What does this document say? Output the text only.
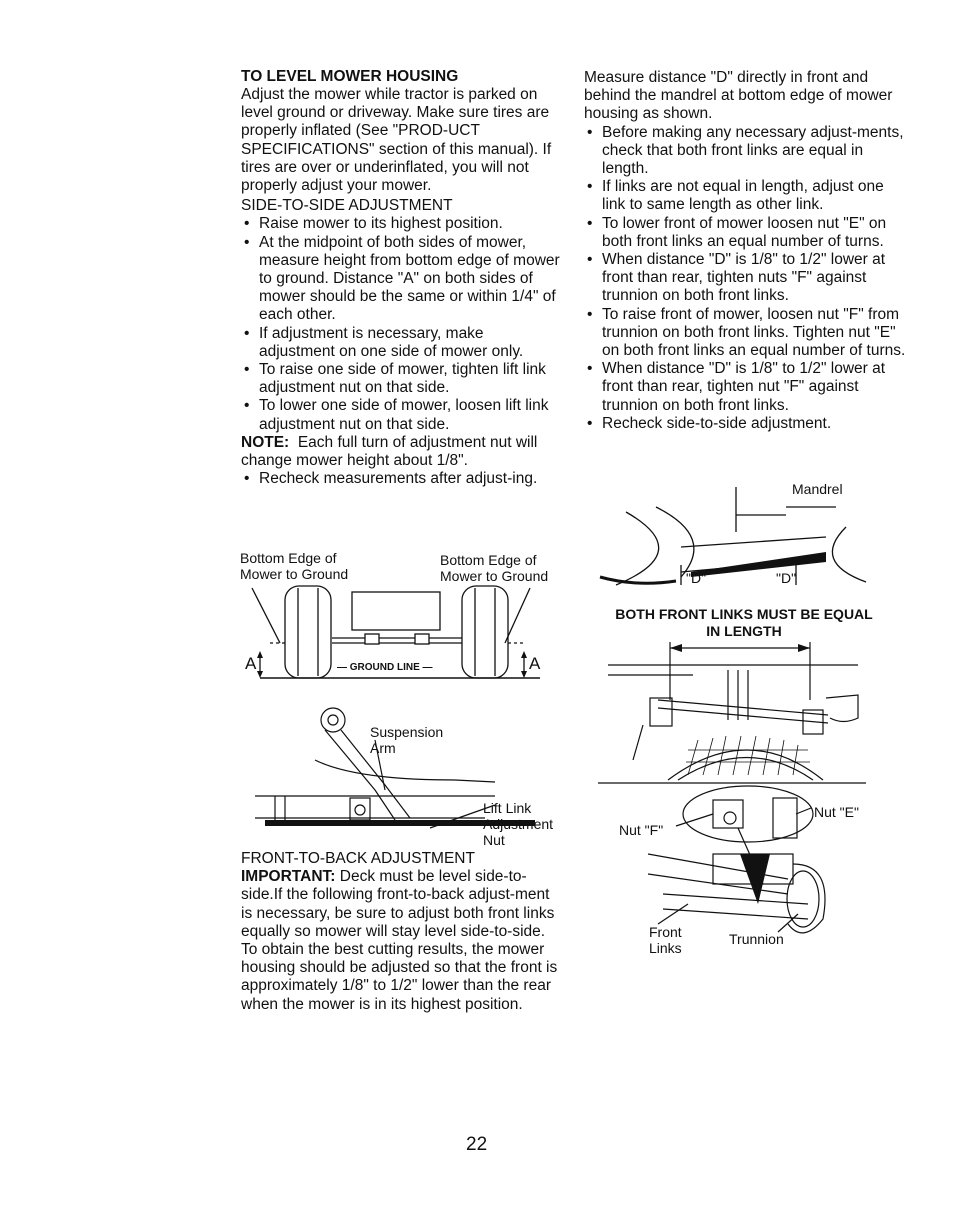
TO LEVEL MOWER HOUSING

Adjust the mower while tractor is parked on level ground or driveway. Make sure tires are properly inflated (See "PROD-UCT SPECIFICATIONS" section of this manual). If tires are over or underinflated, you will not properly adjust your mower.

SIDE-TO-SIDE ADJUSTMENT

• Raise mower to its highest position.
• At the midpoint of both sides of mower, measure height from bottom edge of mower to ground. Distance "A" on both sides of mower should be the same or within 1/4" of each other.
• If adjustment is necessary, make adjustment on one side of mower only.
• To raise one side of mower, tighten lift link adjustment nut on that side.
• To lower one side of mower, loosen lift link adjustment nut on that side.

NOTE: Each full turn of adjustment nut will change mower height about 1/8".

• Recheck measurements after adjust-ing.

FRONT-TO-BACK ADJUSTMENT

IMPORTANT: Deck must be level side-to-side.If the following front-to-back adjust-ment is necessary, be sure to adjust both front links equally so mower will stay level side-to-side.

To obtain the best cutting results, the mower housing should be adjusted so that the front is approximately 1/8" to 1/2" lower than the rear when the mower is in its highest position.

Measure distance "D" directly in front and behind the mandrel at bottom edge of mower housing as shown.

• Before making any necessary adjust-ments, check that both front links are equal in length.
• If links are not equal in length, adjust one link to same length as other link.
• To lower front of mower loosen nut "E" on both front links an equal number of turns.
• When distance "D" is 1/8" to 1/2" lower at front than rear, tighten nuts "F" against trunnion on both front links.
• To raise front of mower, loosen nut "F" from trunnion on both front links. Tighten nut "E" on both front links an equal number of turns.
• When distance "D" is 1/8" to 1/2" lower at front than rear, tighten nut "F" against trunnion on both front links.
• Recheck side-to-side adjustment.
Bottom Edge of
Mower to Ground
Bottom Edge of
Mower to Ground
A	A
— GROUND LINE —
Suspension
Arm
Lift Link
Adjustment
Nut
Mandrel
"D"	"D"
BOTH FRONT LINKS MUST BE EQUAL
IN LENGTH
Nut "F"
Nut "E"
Front
Links
Trunnion
22
